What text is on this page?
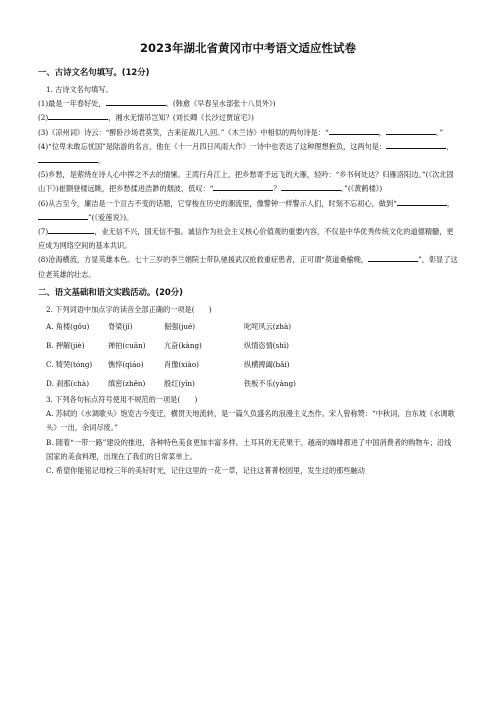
2023年湖北省黄冈市中考语文适应性试卷
一、古诗文名句填写。(12分)
1. 古诗文名句填写。
(1)最是一年春好处，	。(韩愈《早春呈水部张十八员外》)
(2)	，湘水无情吊岂知？(刘长卿《长沙过贾谊宅》)
(3)《凉州词》诗云：“醉卧沙场君莫笑，古来征战几人回。”《木兰诗》中相似的两句诗是：“	，	。”
(4)“位卑未敢忘忧国”是陆游的名言，他在《十一月四日风雨大作》一诗中也表达了这种理想抱负，这两句是：	，。
(5)乡愁，是萦绕在诗人心中挥之不去的情愫。王湾行舟江上，把乡愁寄予远飞的大雁，轻吟：“乡书何处达？归雁洛阳边。”(《次北固山下》)崔颢登楼远眺，把乡愁揉进浩渺的烟波，低叹：“	？	。”(《黄鹤楼》)
(6)从古至今，廉洁是一个亘古不变的话题，它穿梭在历史的潮流里，像警钟一样警示人们，时刻不忘初心，做到“	，”(《爱莲说》)。
(7)	，业无信不兴，国无信不强。诚信作为社会主义核心价值观的重要内容，不仅是中华优秀传统文化的道德精髓，更应成为网络空间的基本共识。
(8)沧海横流，方显英雄本色。七十三岁的李兰娟院士带队驰援武汉抢救重症患者，正可谓“莫道桑榆晚，	”，彰显了这位老英雄的壮志。
二、语文基础和语文实践活动。(20分)
2. 下列词语中加点字的读音全部正确的一项是(　　)
A. 角楼(gǒu)	脊梁(jǐ)	倔强(jué)	叱咤风云(zhà)
B. 押解(jiè)	禅拍(cuān)	亢奋(kàng)	纵情恣情(shì)
C. 犄哭(tóng)	憔悴(qiáo)	肖像(xiào)	纵横捭阖(bǎi)
D. 刹那(chà)	缜密(zhěn)	殷红(yǐn)	铁板不乐(yàng)
3. 下列各句标点符号使用不规范的一项是(　　)
A. 苏轼的《水调歌头》饱览古今变迁，横贯天地流转，是一篇久负盛名的浪漫主义杰作。宋人曾称赞：“中秋词，自东坡《水调歌头》一出，余词尽废。”
B. 随着“一带一路”建设的推进，各种特色美食更加丰富多样。土耳其的无花果干、越南的咖啡都进了中国消费者的购物车；沿线国家的美食料理，出现在了我们的日常菜单上。
C. 希望你能铭记母校三年的美好时光，记住这里的一花一草，记住这菁菁校园里，发生过的那些触动
